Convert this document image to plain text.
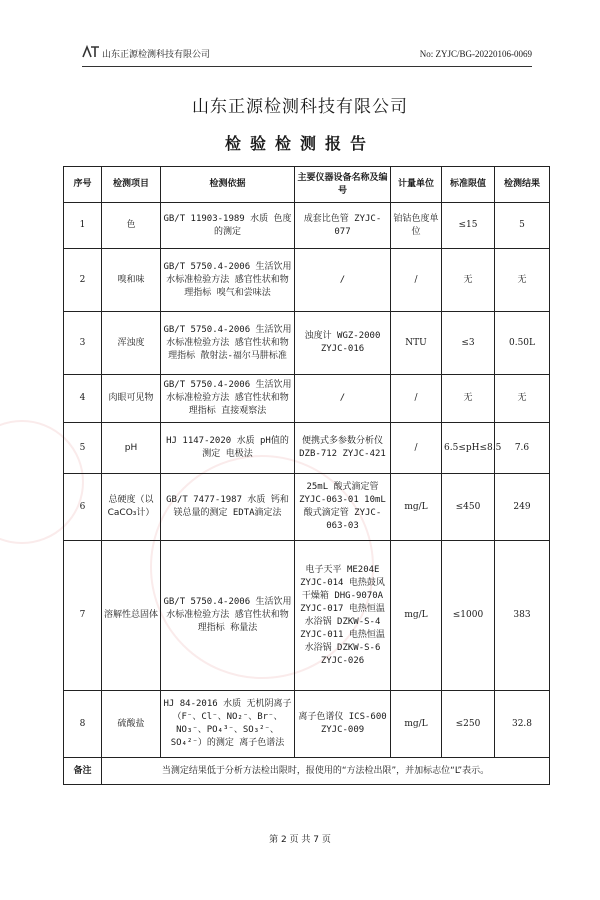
山东正源检测科技有限公司	No: ZYJC/BG-20220106-0069
山东正源检测科技有限公司
检验检测报告
序号	检测项目	检测依据	主要仪器设备名称及编号	计量单位	标准限值	检测结果
1	色	GB/T 11903-1989 水质 色度的测定	成套比色管 ZYJC-077	铂钴色度单位	≤15	5
2	嗅和味	GB/T 5750.4-2006 生活饮用水标准检验方法 感官性状和物理指标 嗅气和尝味法	/	/	无	无
3	浑浊度	GB/T 5750.4-2006 生活饮用水标准检验方法 感官性状和物理指标 散射法-福尔马肼标准	浊度计 WGZ-2000 ZYJC-016	NTU	≤3	0.50L
4	肉眼可见物	GB/T 5750.4-2006 生活饮用水标准检验方法 感官性状和物理指标 直接观察法	/	/	无	无
5	pH	HJ 1147-2020 水质 pH值的测定 电极法	便携式多参数分析仪 DZB-712 ZYJC-421	/	6.5≤pH≤8.5	7.6
6	总硬度（以CaCO₃计）	GB/T 7477-1987 水质 钙和镁总量的测定 EDTA滴定法	25mL 酸式滴定管 ZYJC-063-01 10mL 酸式滴定管 ZYJC-063-03	mg/L	≤450	249
7	溶解性总固体	GB/T 5750.4-2006 生活饮用水标准检验方法 感官性状和物理指标 称量法	电子天平 ME204E ZYJC-014 电热鼓风干燥箱 DHG-9070A ZYJC-017 电热恒温水浴锅 DZKW-S-4 ZYJC-011 电热恒温水浴锅 DZKW-S-6 ZYJC-026	mg/L	≤1000	383
8	硫酸盐	HJ 84-2016 水质 无机阴离子（F⁻、Cl⁻、NO₂⁻、Br⁻、NO₃⁻、PO₄³⁻、SO₃²⁻、SO₄²⁻）的测定 离子色谱法	离子色谱仪 ICS-600 ZYJC-009	mg/L	≤250	32.8
备注	当测定结果低于分析方法检出限时，报使用的“方法检出限”，并加标志位“L”表示。					
第 2 页 共 7 页
